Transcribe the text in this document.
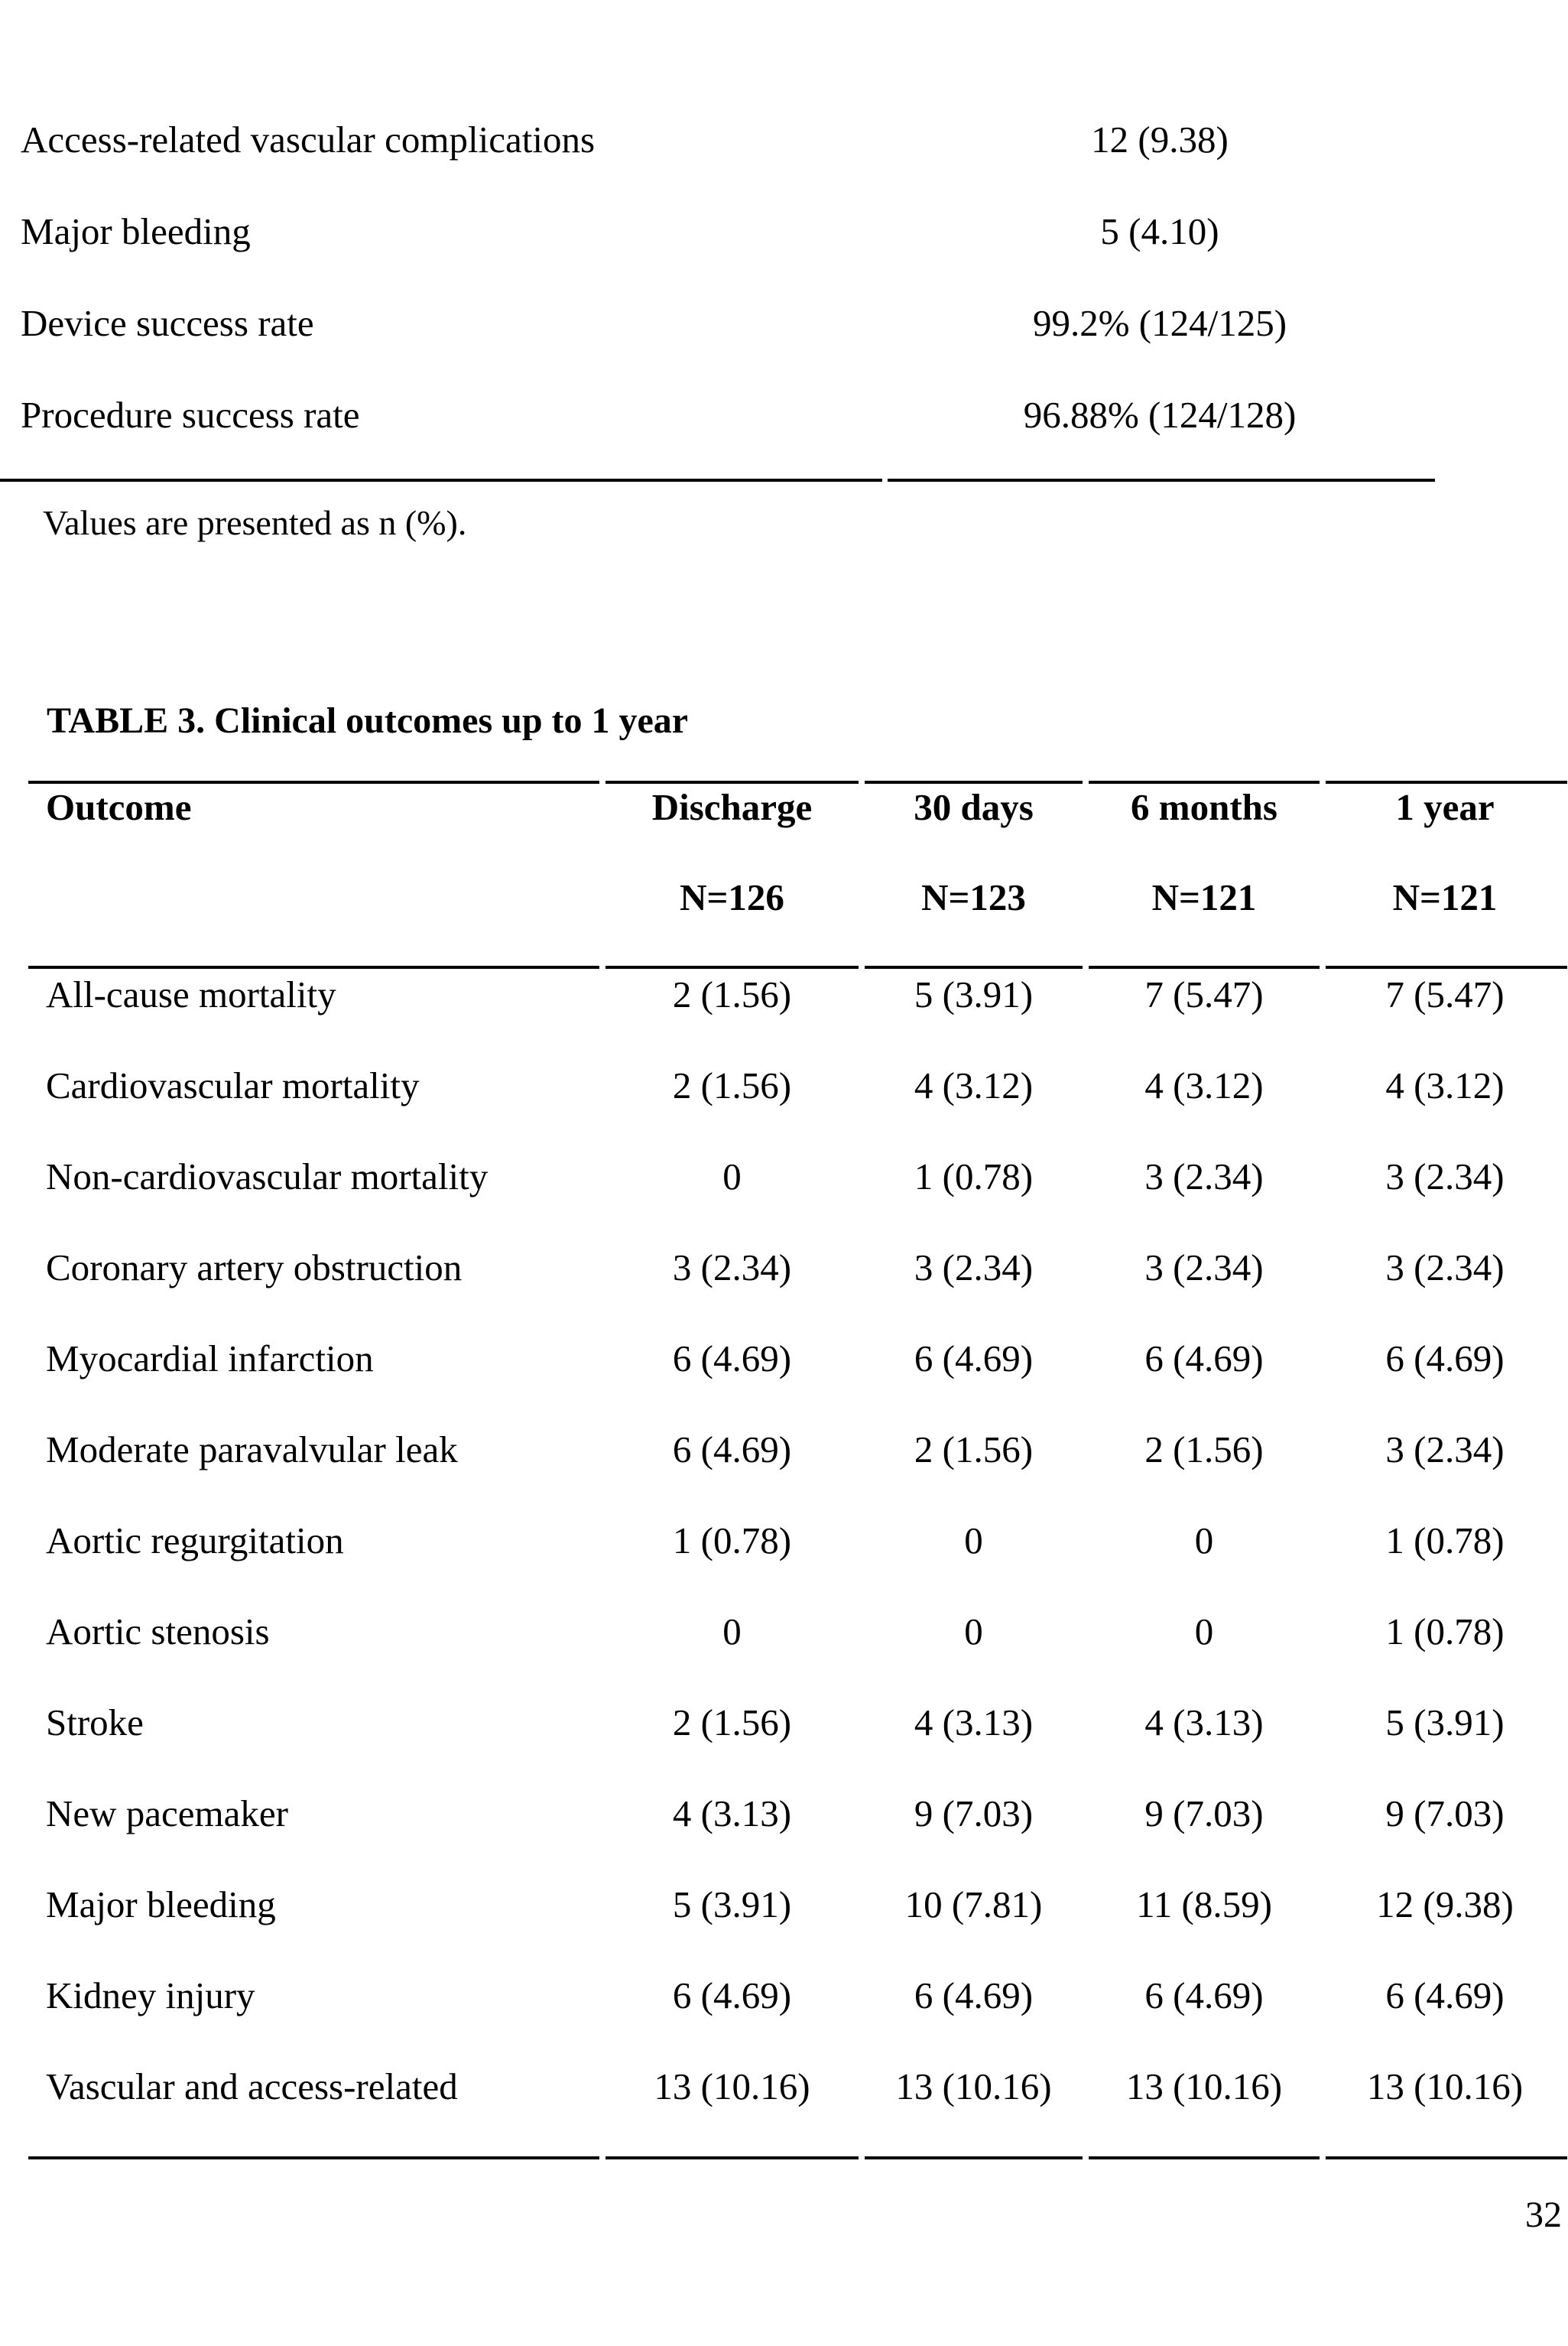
Access-related vascular complications	12 (9.38)
Major bleeding	5 (4.10)
Device success rate	99.2% (124/125)
Procedure success rate	96.88% (124/128)
Values are presented as n (%).
TABLE 3. Clinical outcomes up to 1 year
Outcome	Discharge	30 days	6 months	1 year
N=126	N=123	N=121	N=121
All-cause mortality	2 (1.56)	5 (3.91)	7 (5.47)	7 (5.47)
Cardiovascular mortality	2 (1.56)	4 (3.12)	4 (3.12)	4 (3.12)
Non-cardiovascular mortality	0	1 (0.78)	3 (2.34)	3 (2.34)
Coronary artery obstruction	3 (2.34)	3 (2.34)	3 (2.34)	3 (2.34)
Myocardial infarction	6 (4.69)	6 (4.69)	6 (4.69)	6 (4.69)
Moderate paravalvular leak	6 (4.69)	2 (1.56)	2 (1.56)	3 (2.34)
Aortic regurgitation	1 (0.78)	0	0	1 (0.78)
Aortic stenosis	0	0	0	1 (0.78)
Stroke	2 (1.56)	4 (3.13)	4 (3.13)	5 (3.91)
New pacemaker	4 (3.13)	9 (7.03)	9 (7.03)	9 (7.03)
Major bleeding	5 (3.91)	10 (7.81)	11 (8.59)	12 (9.38)
Kidney injury	6 (4.69)	6 (4.69)	6 (4.69)	6 (4.69)
Vascular and access-related	13 (10.16)	13 (10.16)	13 (10.16)	13 (10.16)
32
